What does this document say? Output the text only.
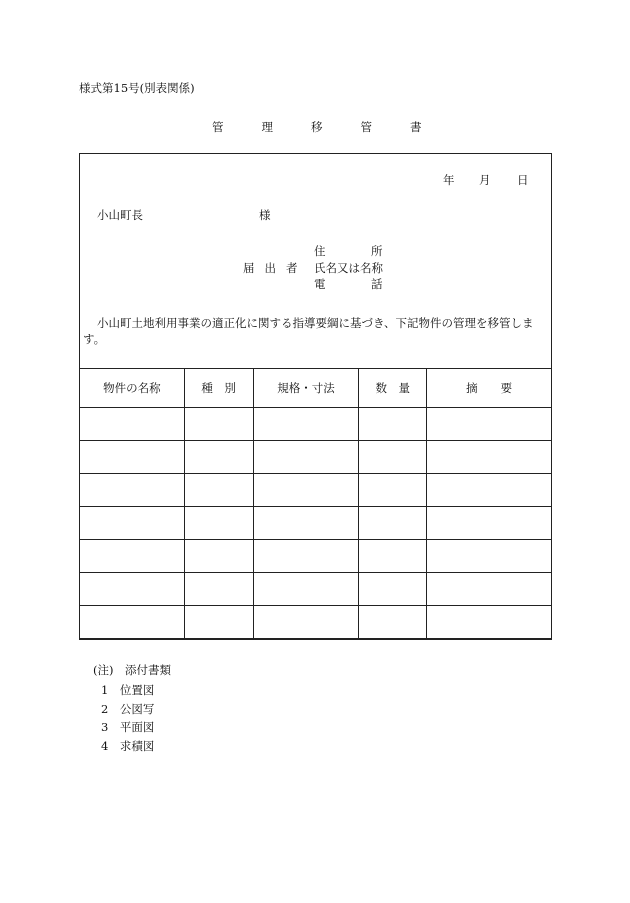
様式第15号(別表関係)
管	理	移	管	書
年 月 日
小山町長	様
届 出 者
住	所
氏名又は名称
電	話
小山町土地利用事業の適正化に関する指導要綱に基づき、下記物件の管理を移管します。
物件の名称	種　別	規格・寸法	数　量	摘　　要

(注)　添付書類
1　 位置図
2　 公図写
3　 平面図
4　 求積図
